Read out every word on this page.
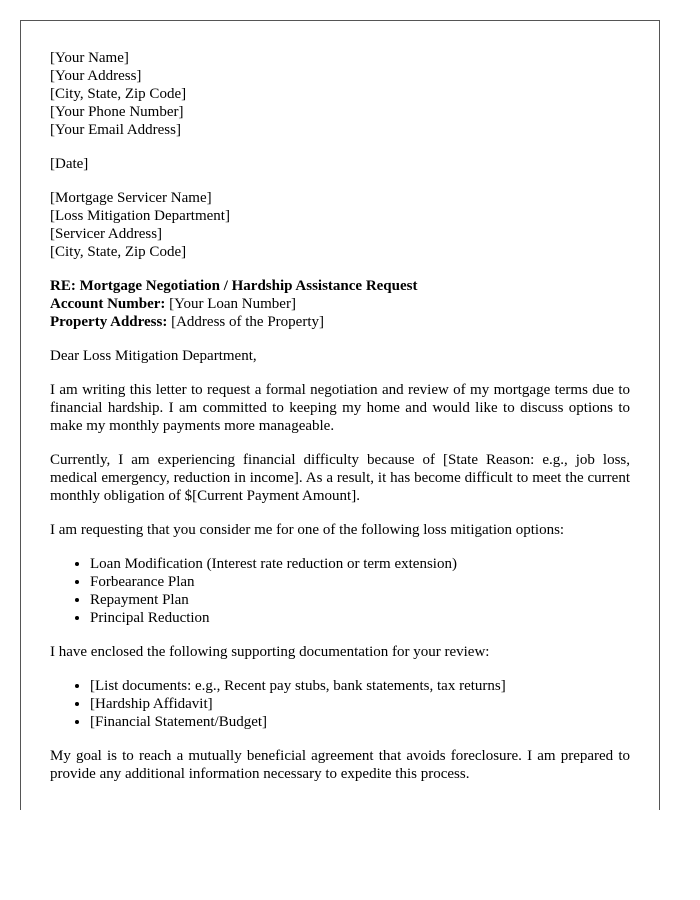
[Your Name]
[Your Address]
[City, State, Zip Code]
[Your Phone Number]
[Your Email Address]
[Date]
[Mortgage Servicer Name]
[Loss Mitigation Department]
[Servicer Address]
[City, State, Zip Code]
RE: Mortgage Negotiation / Hardship Assistance Request
Account Number: [Your Loan Number]
Property Address: [Address of the Property]

Dear Loss Mitigation Department,

I am writing this letter to request a formal negotiation and review of my mortgage terms due to financial hardship. I am committed to keeping my home and would like to discuss options to make my monthly payments more manageable.

Currently, I am experiencing financial difficulty because of [State Reason: e.g., job loss, medical emergency, reduction in income]. As a result, it has become difficult to meet the current monthly obligation of $[Current Payment Amount].

I am requesting that you consider me for one of the following loss mitigation options:

• Loan Modification (Interest rate reduction or term extension)
• Forbearance Plan
• Repayment Plan
• Principal Reduction

I have enclosed the following supporting documentation for your review:

• [List documents: e.g., Recent pay stubs, bank statements, tax returns]
• [Hardship Affidavit]
• [Financial Statement/Budget]

My goal is to reach a mutually beneficial agreement that avoids foreclosure. I am prepared to provide any additional information necessary to expedite this process.
